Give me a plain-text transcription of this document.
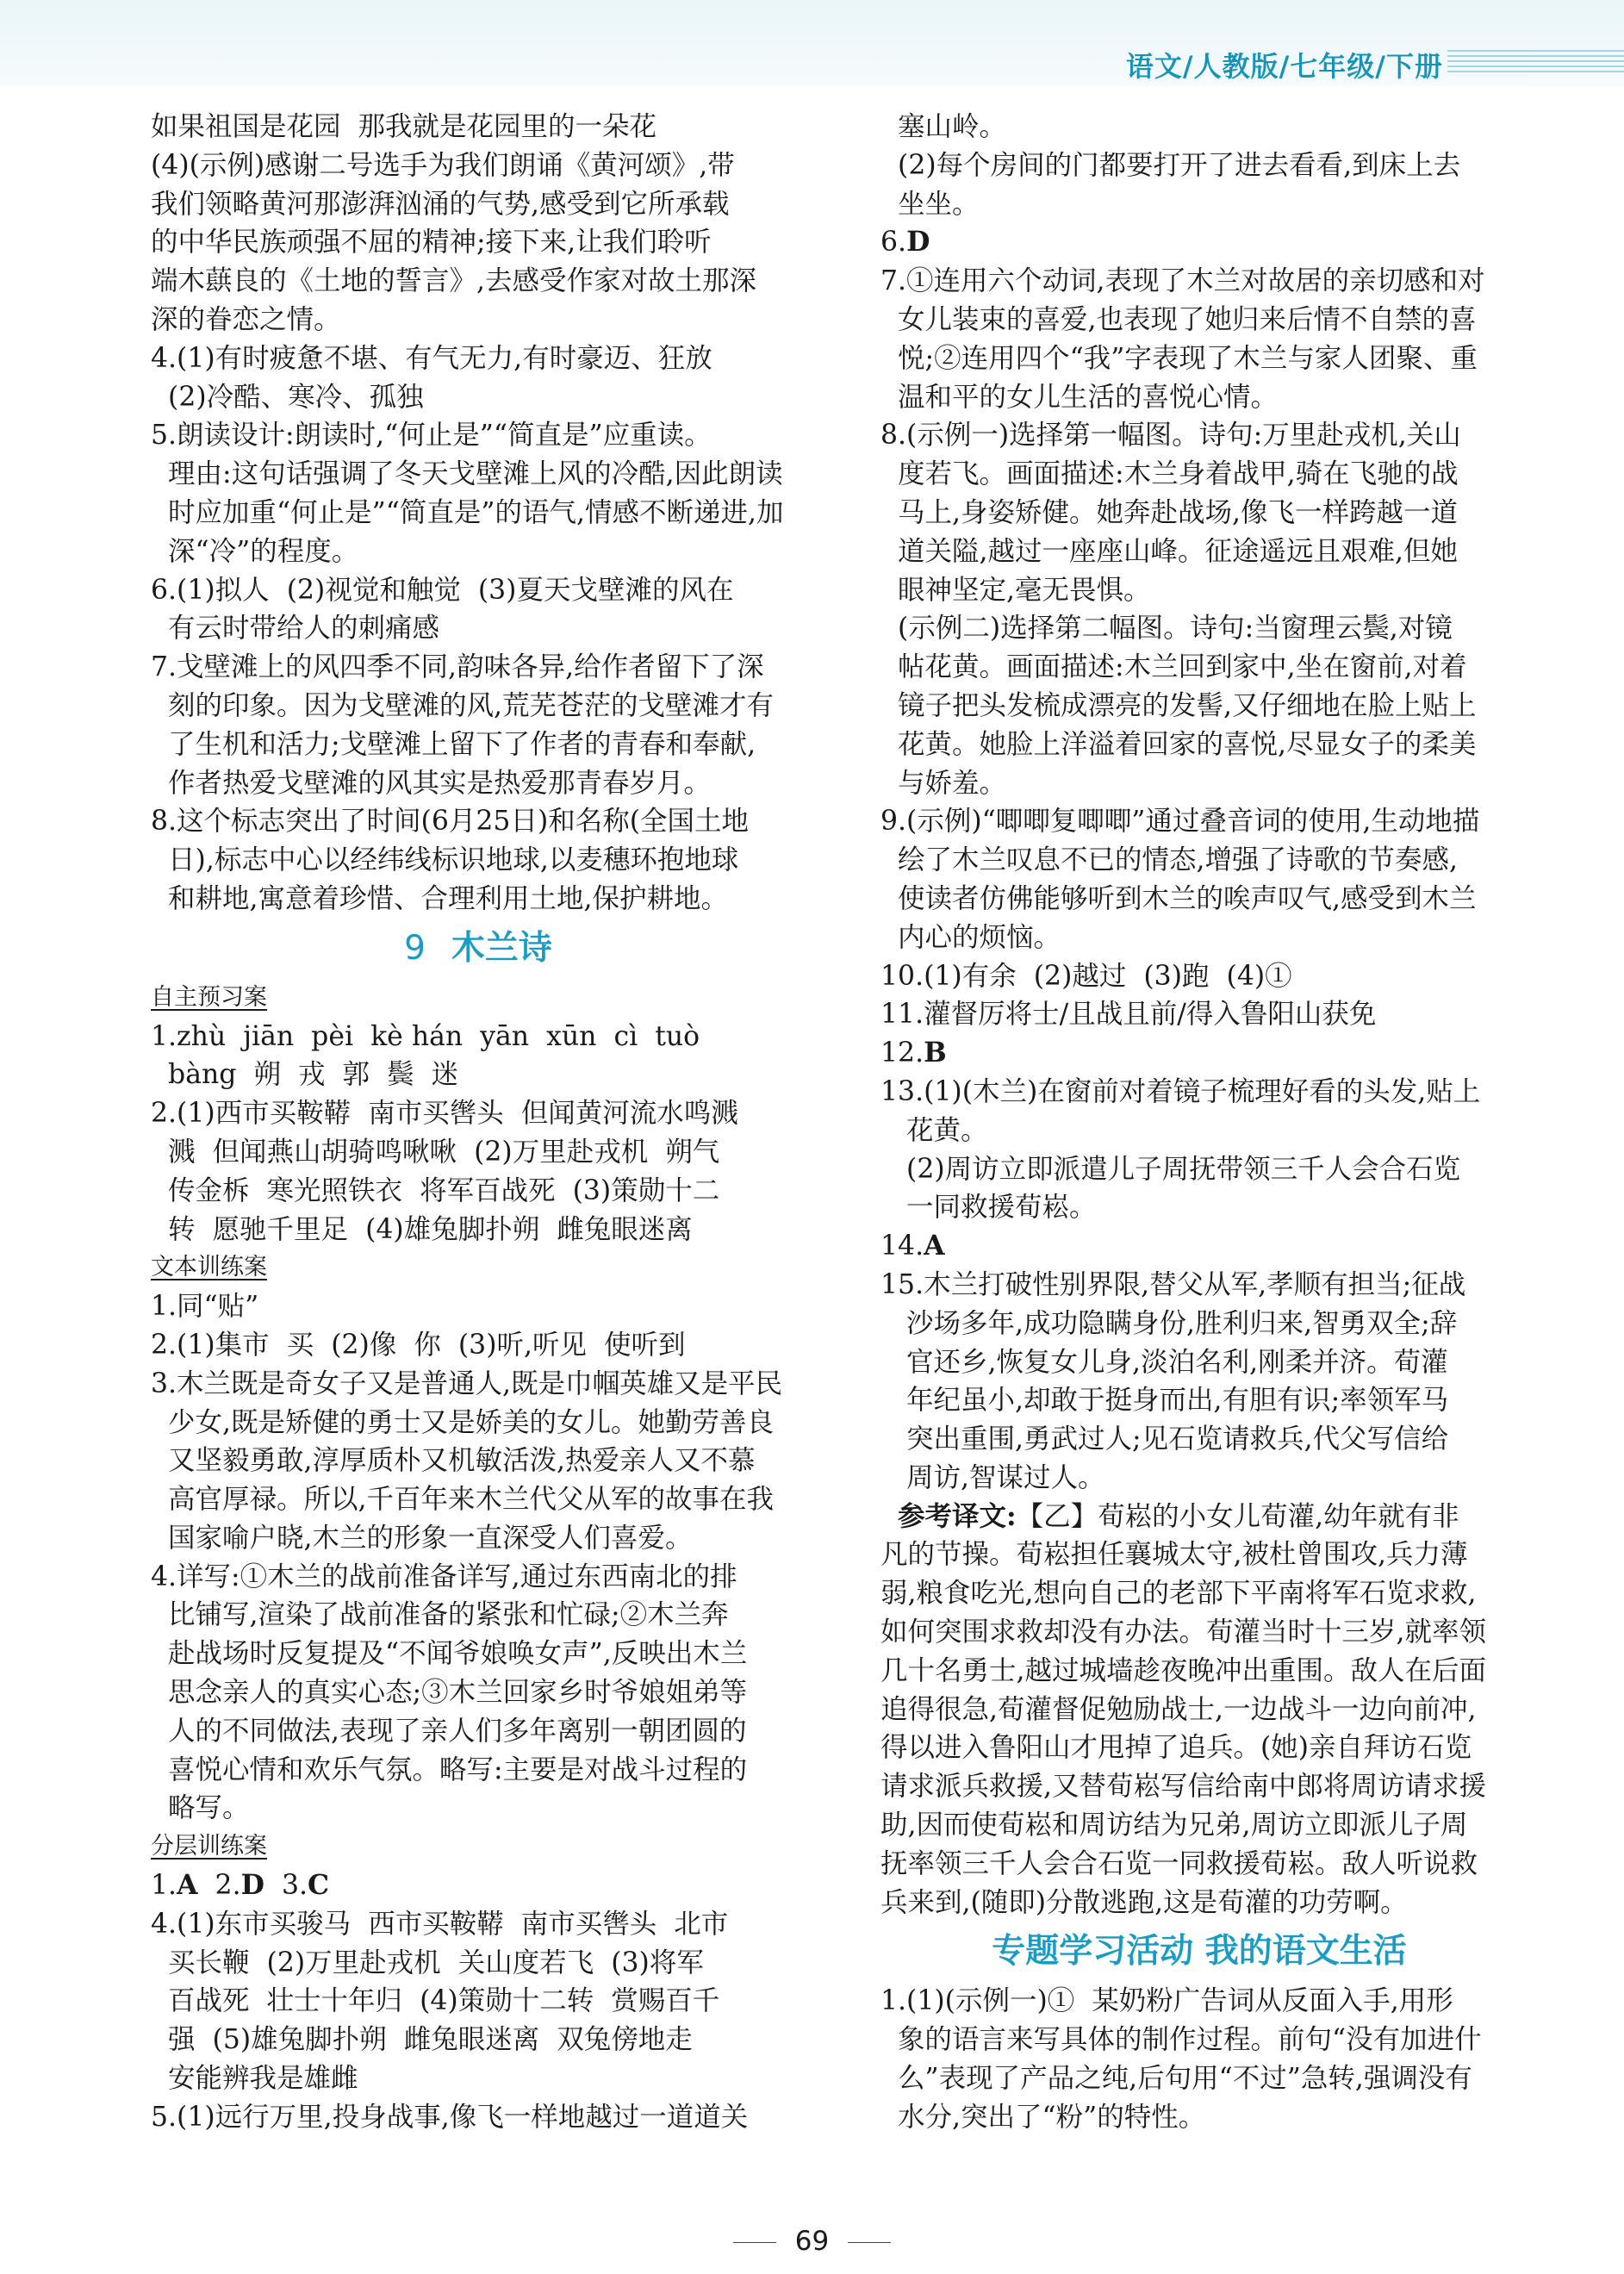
语文/人教版/七年级/下册
如果祖国是花园  那我就是花园里的一朵花
(4)(示例)感谢二号选手为我们朗诵《黄河颂》,带
我们领略黄河那澎湃汹涌的气势,感受到它所承载
的中华民族顽强不屈的精神;接下来,让我们聆听
端木蕻良的《土地的誓言》,去感受作家对故土那深
深的眷恋之情。
4.(1)有时疲惫不堪、有气无力,有时豪迈、狂放
(2)冷酷、寒冷、孤独
5.朗读设计:朗读时,“何止是”“简直是”应重读。
理由:这句话强调了冬天戈壁滩上风的冷酷,因此朗读
时应加重“何止是”“简直是”的语气,情感不断递进,加
深“冷”的程度。
6.(1)拟人  (2)视觉和触觉  (3)夏天戈壁滩的风在
有云时带给人的刺痛感
7.戈壁滩上的风四季不同,韵味各异,给作者留下了深
刻的印象。因为戈壁滩的风,荒芜苍茫的戈壁滩才有
了生机和活力;戈壁滩上留下了作者的青春和奉献,
作者热爱戈壁滩的风其实是热爱那青春岁月。
8.这个标志突出了时间(6月25日)和名称(全国土地
日),标志中心以经纬线标识地球,以麦穗环抱地球
和耕地,寓意着珍惜、合理利用土地,保护耕地。
9 木兰诗
自主预习案
1.zhù  jiān  pèi  kè hán  yān  xūn  cì  tuò
bàng  朔  戎  郭  鬓  迷
2.(1)西市买鞍鞯  南市买辔头  但闻黄河流水鸣溅
溅  但闻燕山胡骑鸣啾啾  (2)万里赴戎机  朔气
传金柝  寒光照铁衣  将军百战死  (3)策勋十二
转  愿驰千里足  (4)雄兔脚扑朔  雌兔眼迷离
文本训练案
1.同“贴”
2.(1)集市  买  (2)像  你  (3)听,听见  使听到
3.木兰既是奇女子又是普通人,既是巾帼英雄又是平民
少女,既是矫健的勇士又是娇美的女儿。她勤劳善良
又坚毅勇敢,淳厚质朴又机敏活泼,热爱亲人又不慕
高官厚禄。所以,千百年来木兰代父从军的故事在我
国家喻户晓,木兰的形象一直深受人们喜爱。
4.详写:①木兰的战前准备详写,通过东西南北的排
比铺写,渲染了战前准备的紧张和忙碌;②木兰奔
赴战场时反复提及“不闻爷娘唤女声”,反映出木兰
思念亲人的真实心态;③木兰回家乡时爷娘姐弟等
人的不同做法,表现了亲人们多年离别一朝团圆的
喜悦心情和欢乐气氛。略写:主要是对战斗过程的
略写。
分层训练案
1.A  2.D  3.C
4.(1)东市买骏马  西市买鞍鞯  南市买辔头  北市
买长鞭  (2)万里赴戎机  关山度若飞  (3)将军
百战死  壮士十年归  (4)策勋十二转  赏赐百千
强  (5)雄兔脚扑朔  雌兔眼迷离  双兔傍地走
安能辨我是雄雌
5.(1)远行万里,投身战事,像飞一样地越过一道道关
塞山岭。
(2)每个房间的门都要打开了进去看看,到床上去
坐坐。
6.D
7.①连用六个动词,表现了木兰对故居的亲切感和对
女儿装束的喜爱,也表现了她归来后情不自禁的喜
悦;②连用四个“我”字表现了木兰与家人团聚、重
温和平的女儿生活的喜悦心情。
8.(示例一)选择第一幅图。诗句:万里赴戎机,关山
度若飞。画面描述:木兰身着战甲,骑在飞驰的战
马上,身姿矫健。她奔赴战场,像飞一样跨越一道
道关隘,越过一座座山峰。征途遥远且艰难,但她
眼神坚定,毫无畏惧。
(示例二)选择第二幅图。诗句:当窗理云鬓,对镜
帖花黄。画面描述:木兰回到家中,坐在窗前,对着
镜子把头发梳成漂亮的发髻,又仔细地在脸上贴上
花黄。她脸上洋溢着回家的喜悦,尽显女子的柔美
与娇羞。
9.(示例)“唧唧复唧唧”通过叠音词的使用,生动地描
绘了木兰叹息不已的情态,增强了诗歌的节奏感,
使读者仿佛能够听到木兰的唉声叹气,感受到木兰
内心的烦恼。
10.(1)有余  (2)越过  (3)跑  (4)①
11.灌督厉将士/且战且前/得入鲁阳山获免
12.B
13.(1)(木兰)在窗前对着镜子梳理好看的头发,贴上
花黄。
(2)周访立即派遣儿子周抚带领三千人会合石览
一同救援荀崧。
14.A
15.木兰打破性别界限,替父从军,孝顺有担当;征战
沙场多年,成功隐瞒身份,胜利归来,智勇双全;辞
官还乡,恢复女儿身,淡泊名利,刚柔并济。荀灌
年纪虽小,却敢于挺身而出,有胆有识;率领军马
突出重围,勇武过人;见石览请救兵,代父写信给
周访,智谋过人。
参考译文:【乙】荀崧的小女儿荀灌,幼年就有非
凡的节操。荀崧担任襄城太守,被杜曾围攻,兵力薄
弱,粮食吃光,想向自己的老部下平南将军石览求救,
如何突围求救却没有办法。荀灌当时十三岁,就率领
几十名勇士,越过城墙趁夜晚冲出重围。敌人在后面
追得很急,荀灌督促勉励战士,一边战斗一边向前冲,
得以进入鲁阳山才甩掉了追兵。(她)亲自拜访石览
请求派兵救援,又替荀崧写信给南中郎将周访请求援
助,因而使荀崧和周访结为兄弟,周访立即派儿子周
抚率领三千人会合石览一同救援荀崧。敌人听说救
兵来到,(随即)分散逃跑,这是荀灌的功劳啊。
专题学习活动 我的语文生活
1.(1)(示例一)①  某奶粉广告词从反面入手,用形
象的语言来写具体的制作过程。前句“没有加进什
么”表现了产品之纯,后句用“不过”急转,强调没有
水分,突出了“粉”的特性。
69
